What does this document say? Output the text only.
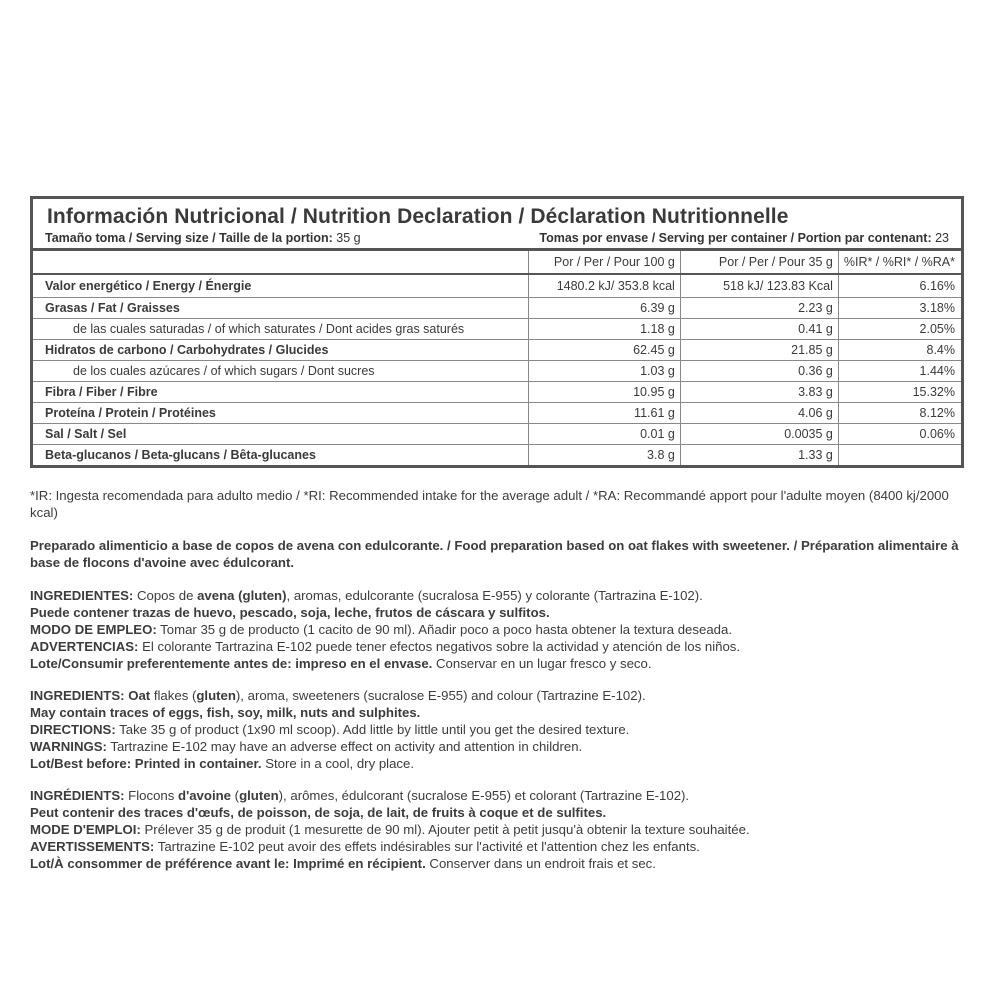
Información Nutricional / Nutrition Declaration / Déclaration Nutritionnelle
Tamaño toma / Serving size / Taille de la portion: 35 g	Tomas por envase / Serving per container / Portion par contenant: 23
	Por / Per / Pour 100 g	Por / Per / Pour 35 g	%IR* / %RI* / %RA*
Valor energético / Energy / Énergie	1480.2 kJ/ 353.8 kcal	518 kJ/ 123.83 Kcal	6.16%
Grasas / Fat / Graisses	6.39 g	2.23 g	3.18%
de las cuales saturadas / of which saturates / Dont acides gras saturés	1.18 g	0.41 g	2.05%
Hidratos de carbono / Carbohydrates / Glucides	62.45 g	21.85 g	8.4%
de los cuales azúcares / of which sugars / Dont sucres	1.03 g	0.36 g	1.44%
Fibra / Fiber / Fibre	10.95 g	3.83 g	15.32%
Proteína / Protein / Protéines	11.61 g	4.06 g	8.12%
Sal / Salt / Sel	0.01 g	0.0035 g	0.06%
Beta-glucanos / Beta-glucans / Bêta-glucanes	3.8 g	1.33 g	
*IR: Ingesta recomendada para adulto medio / *RI: Recommended intake for the average adult / *RA: Recommandé apport pour l'adulte moyen (8400 kj/2000 kcal)
Preparado alimenticio a base de copos de avena con edulcorante. / Food preparation based on oat flakes with sweetener. / Préparation alimentaire à base de flocons d'avoine avec édulcorant.

INGREDIENTES: Copos de avena (gluten), aromas, edulcorante (sucralosa E-955) y colorante (Tartrazina E-102).

Puede contener trazas de huevo, pescado, soja, leche, frutos de cáscara y sulfitos.

MODO DE EMPLEO: Tomar 35 g de producto (1 cacito de 90 ml). Añadir poco a poco hasta obtener la textura deseada.

ADVERTENCIAS: El colorante Tartrazina E-102 puede tener efectos negativos sobre la actividad y atención de los niños.

Lote/Consumir preferentemente antes de: impreso en el envase. Conservar en un lugar fresco y seco.

INGREDIENTS: Oat flakes (gluten), aroma, sweeteners (sucralose E-955) and colour (Tartrazine E-102).

May contain traces of eggs, fish, soy, milk, nuts and sulphites.

DIRECTIONS: Take 35 g of product (1x90 ml scoop). Add little by little until you get the desired texture.

WARNINGS: Tartrazine E-102 may have an adverse effect on activity and attention in children.

Lot/Best before: Printed in container. Store in a cool, dry place.

INGRÉDIENTS: Flocons d'avoine (gluten), arômes, édulcorant (sucralose E-955) et colorant (Tartrazine E-102).

Peut contenir des traces d'œufs, de poisson, de soja, de lait, de fruits à coque et de sulfites.

MODE D'EMPLOI: Prélever 35 g de produit (1 mesurette de 90 ml). Ajouter petit à petit jusqu'à obtenir la texture souhaitée.

AVERTISSEMENTS: Tartrazine E-102 peut avoir des effets indésirables sur l'activité et l'attention chez les enfants.

Lot/À consommer de préférence avant le: Imprimé en récipient. Conserver dans un endroit frais et sec.
